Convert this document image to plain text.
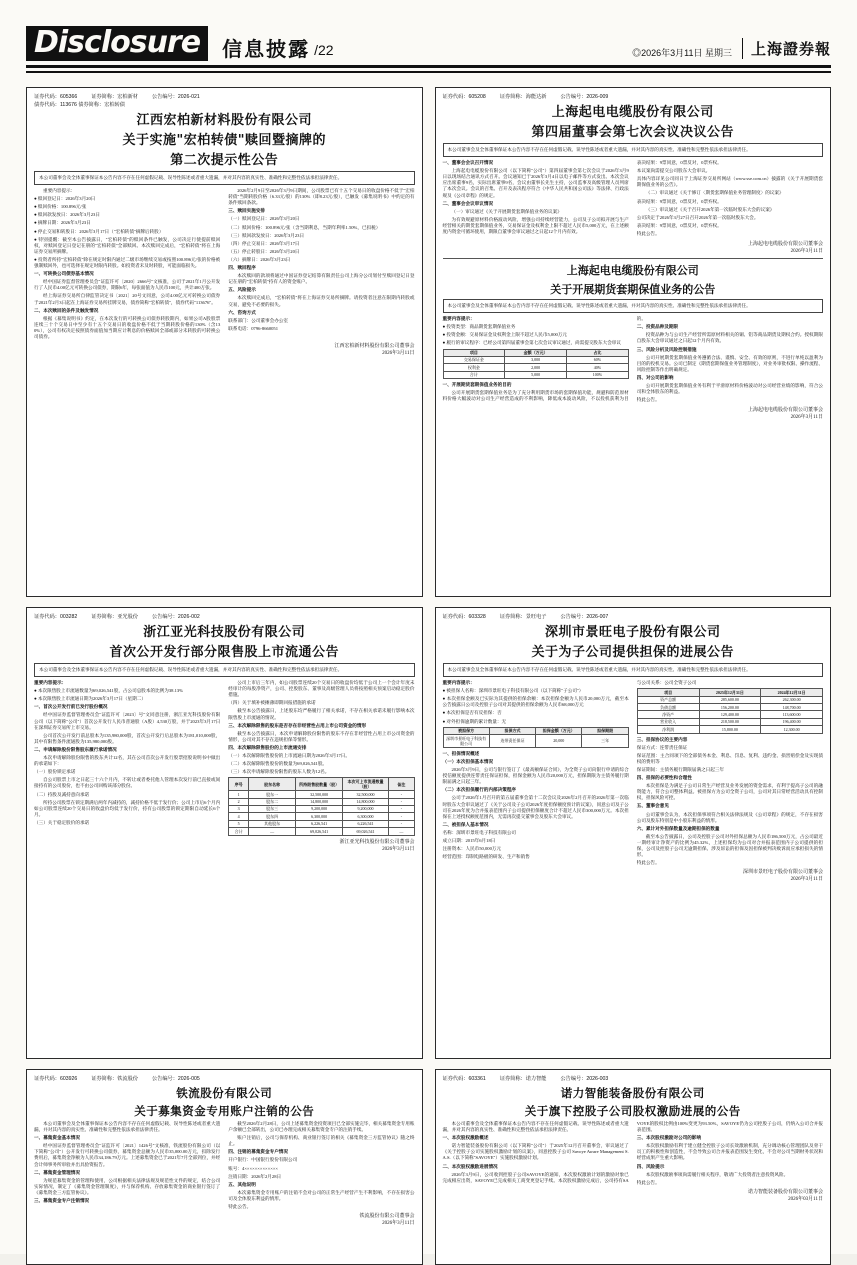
Disclosure	信息披露 /22	◎2026年3月11日 星期三	上海證券報
证券代码：605366	证券简称：宏柏新材	公告编号：2026-021
债券代码：113676 债券简称：宏柏转债
江西宏柏新材料股份有限公司
关于实施"宏柏转债"赎回暨摘牌的
第二次提示性公告
本公司董事会及全体董事保证本公告内容不存在任何虚假记载、误导性陈述或者重大遗漏，并对其内容的真实性、准确性和完整性依法承担法律责任。

重要内容提示：

● 赎回登记日：2026年3月20日

● 赎回价格：100.896元/张

● 赎回款发放日：2026年3月23日

● 摘牌日期：2026年3月23日

● 停止交易和转股日：2026年3月17日（"宏柏转债"摘牌后转股）

● 特别提醒：截至本公告披露日，"宏柏转债"的赎回条件已触发，公司决定行使提前赎回权，对赎回登记日登记在册的"宏柏转债"全部赎回。本次赎回完成后，"宏柏转债"将在上海证券交易所摘牌。

● 投资者所持"宏柏转债"除在规定时限内通过二级市场继续交易或按照100.896元/张的价格被强制赎回外，也可选择在规定时限内转股。如投资者未及时转股，可能面临损失。

一、可转换公司债券基本情况

经中国证券监督管理委员会"证监许可〔2020〕2666号"文核准，公司于2021年1月公开发行了人民币4.00亿元可转换公司债券，期限6年，每张面值为人民币100元，共计400万张。

经上海证券交易所自律监管决定书〔2021〕20号文同意，公司4.00亿元可转换公司债券于2021年2月3日起在上海证券交易所挂牌交易，债券简称"宏柏转债"，债券代码"113676"。

二、本次赎回的条件及触发情况

根据《募集说明书》约定，在本次发行的可转换公司债券转股期内，如果公司A股股票连续三十个交易日中至少有十五个交易日的收盘价格不低于当期转股价格的130%（含130%），公司有权决定按照债券面值加当期应计利息的价格赎回全部或部分未转股的可转换公司债券。

2026年2月9日至2026年3月9日期间，公司股票已有十五个交易日的收盘价格不低于"宏柏转债"当期转股价格（6.33元/股）的130%（即8.23元/股），已触发《募集说明书》中约定的有条件赎回条款。

三、赎回实施安排

（一）赎回登记日：2026年3月20日

（二）赎回价格：100.896元/张（含当期利息，当期年利率1.50%，已扣税）

（三）赎回款发放日：2026年3月23日

（四）停止交易日：2026年3月17日

（五）停止转股日：2026年3月20日

（六）摘牌日：2026年3月23日

四、赎回程序

本次赎回的款项将通过中国证券登记结算有限责任公司上海分公司划付至赎回登记日登记在册的"宏柏转债"持有人的资金账户。

五、风险提示

本次赎回完成后，"宏柏转债"将在上海证券交易所摘牌。请投资者注意在限期内转股或交易，避免不必要的损失。

六、咨询方式

联系部门：公司董事会办公室

联系电话：0796-8660051

江西宏柏新材料股份有限公司董事会
2026年3月11日
证券代码：605208	证券简称：海能达新	公告编号：2026-009
上海起电电缆股份有限公司
第四届董事会第七次会议决议公告
本公司董事会及全体董事保证本公告内容不存在任何虚假记载、误导性陈述或者重大遗漏，并对其内容的真实性、准确性和完整性依法承担法律责任。

一、董事会会议召开情况

上海起电电缆股份有限公司（以下简称"公司"）第四届董事会第七次会议于2026年3月9日以现场结合通讯方式召开。会议通知已于2026年3月4日以电子邮件等方式发出。本次会议应出席董事9名，实际出席董事9名，会议由董事长先生主持，公司监事及高级管理人员列席了本次会议。会议的召集、召开及表决程序符合《中华人民共和国公司法》等法律、行政法规及《公司章程》的规定。

二、董事会会议审议情况

（一）审议通过《关于开展期货套期保值业务的议案》

为有效规避原材料价格波动风险，增强公司持续经营能力，公司及子公司拟开展与生产经营相关的期货套期保值业务，交易保证金及权利金上限不超过人民币5,000万元，在上述额度内资金可循环使用，期限自董事会审议通过之日起12个月内有效。

表决结果：9票同意，0票反对，0票弃权。

本议案尚需提交公司股东大会审议。

具体内容详见公司同日于上海证券交易所网站（www.sse.com.cn）披露的《关于开展期货套期保值业务的公告》。

（二）审议通过《关于修订〈期货套期保值业务管理制度〉的议案》

表决结果：9票同意，0票反对，0票弃权。

（三）审议通过《关于召开2026年第一次临时股东大会的议案》

公司决定于2026年3月27日召开2026年第一次临时股东大会。

表决结果：9票同意，0票反对，0票弃权。

特此公告。

上海起电电缆股份有限公司董事会
2026年3月11日
上海起电电缆股份有限公司
关于开展期货套期保值业务的公告
本公司董事会及全体董事保证本公告内容不存在任何虚假记载、误导性陈述或者重大遗漏，并对其内容的真实性、准确性和完整性依法承担法律责任。

重要内容提示：

● 投资类型：商品期货套期保值业务

● 投资金额：交易保证金及权利金上限不超过人民币5,000万元

● 履行的审议程序：已经公司第四届董事会第七次会议审议通过，尚需提交股东大会审议

项目	金额（万元）	占比
交易保证金	3,000	60%
权利金	2,000	40%
合计	5,000	100%

一、开展期货套期保值业务的目的

公司开展期货套期保值业务是为了充分利用期货市场的套期保值功能，规避和防范原材料价格大幅波动对公司生产经营造成的不利影响，降低成本波动风险，不以投机获利为目的。

二、投资品种及期限

投资品种为与公司生产经营所需原材料相关的铜、铝等商品期货及期权合约。授权期限自股东大会审议通过之日起12个月内有效。

三、风险分析及风险控制措施

公司开展期货套期保值业务遵循合法、谨慎、安全、有效的原则，不进行单纯以盈利为目的的投机交易。公司已制定《期货套期保值业务管理制度》，对业务审批权限、操作流程、风险控制等作出明确规定。

四、对公司的影响

公司开展期货套期保值业务有利于平滑原材料价格波动对公司经营业绩的影响，符合公司和全体股东的利益。

特此公告。

上海起电电缆股份有限公司董事会
2026年3月11日
证券代码：003282	证券简称：亚光股份	公告编号：2026-002
浙江亚光科技股份有限公司
首次公开发行部分限售股上市流通公告
本公司董事会及全体董事保证本公告内容不存在任何虚假记载、误导性陈述或者重大遗漏，并对其内容的真实性、准确性和完整性依法承担法律责任。

重要内容提示：

● 本次限售股上市流通数量为69,026,541股，占公司总股本的比例为38.13%

● 本次限售股上市流通日期为2026年3月17日（星期二）

一、首次公开发行前已发行股份概况

经中国证券监督管理委员会"证监许可〔2023〕号"文同意注册，浙江亚光科技股份有限公司（以下简称"公司"）首次公开发行人民币普通股（A股）4,530万股，并于2023年3月17日在深圳证券交易所上市交易。

公司首次公开发行前总股本为135,980,000股，首次公开发行后总股本为181,010,000股，其中有限售条件流通股为135,980,000股。

二、申请解除股份限售股东履行承诺情况

本次申请解除股份限售的股东共计12名，其在公司首次公开发行股票招股说明书中做出的承诺如下：

（一）股份锁定承诺

自公司股票上市之日起三十六个月内，不转让或者委托他人管理本次发行前已直接或间接持有的公司股份，也不由公司回购该部分股份。

（二）持股及减持意向承诺

所持公司股票在锁定期满后两年内减持的，减持价格不低于发行价；公司上市后6个月内如公司股票连续20个交易日的收盘价均低于发行价，持有公司股票的锁定期限自动延长6个月。

（三）关于稳定股价的承诺

公司上市后三年内，如公司股票连续20个交易日的收盘价均低于公司上一个会计年度末经审计的每股净资产，公司、控股股东、董事及高级管理人员将按照相关预案启动稳定股价措施。

（四）关于填补被摊薄即期回报措施的承诺

截至本公告披露日，上述股东均严格履行了相关承诺，不存在相关承诺未履行影响本次限售股上市流通的情况。

三、本次解除限售的股东是否存在非经营性占用上市公司资金的情形

截至本公告披露日，本次申请解除股份限售的股东不存在非经营性占用上市公司资金的情形，公司对其不存在违规担保等情形。

四、本次解除限售股份的上市流通安排

（一）本次解除限售股份的上市流通日期为2026年3月17日。

（二）本次解除限售股份的数量为69,026,541股。

（三）本次申请解除股份限售的股东人数为12名。

序号	股东名称	所持限售股数量（股）	本次可上市流通数量（股）	备注
1	股东一	32,500,000	32,500,000	-
2	股东二	14,800,000	14,800,000	-
3	股东三	9,200,000	9,200,000	-
4	股东四	6,300,000	6,300,000	-
5	其他股东	6,226,541	6,226,541	-
合计	—	69,026,541	69,026,541	—
浙江亚光科技股份有限公司董事会
2026年3月11日
证券代码：603328	证券简称：景旺电子	公告编号：2026-007
深圳市景旺电子股份有限公司
关于为子公司提供担保的进展公告
本公司董事会及全体董事保证本公告内容不存在任何虚假记载、误导性陈述或者重大遗漏，并对其内容的真实性、准确性和完整性依法承担法律责任。

重要内容提示：

● 被担保人名称：深圳市景旺电子科技有限公司（以下简称"子公司"）

● 本次担保金额及已实际为其提供的担保余额：本次担保金额为人民币20,000万元，截至本公告披露日公司及控股子公司对其提供的担保余额为人民币68,000万元

● 本次担保是否有反担保：否

● 对外担保逾期的累计数量：无

被担保方	担保方式	担保金额（万元）	担保期限
深圳市景旺电子科技有限公司	连带责任保证	20,000	三年

一、担保情况概述

（一）本次担保基本情况

2026年3月9日，公司与银行签订了《最高额保证合同》，为全资子公司向银行申请的综合授信额度提供连带责任保证担保，担保金额为人民币20,000万元，担保期限为主债务履行期限届满之日起三年。

（二）本次担保履行的内部决策程序

公司于2026年1月召开的第五届董事会第十二次会议及2026年2月召开的2026年第一次临时股东大会审议通过了《关于公司及子公司2026年度担保额度预计的议案》，同意公司及子公司在2026年度为合并报表范围内子公司提供担保额度合计不超过人民币300,000万元。本次担保在上述授权额度范围内，无需再次提交董事会及股东大会审议。

二、被担保人基本情况

名称：深圳市景旺电子科技有限公司

成立日期：2015年6月18日

注册资本：人民币50,000万元

经营范围：印制电路板的研发、生产和销售

与公司关系：公司全资子公司

项目	2025年12月31日	2024年12月31日
资产总额	285,600.00	262,300.00
负债总额	156,200.00	148,700.00
净资产	129,400.00	113,600.00
营业收入	218,500.00	196,400.00
净利润	15,800.00	12,300.00

三、担保协议的主要内容

保证方式：连带责任保证

保证范围：主合同项下的全部债务本金、利息、罚息、复利、违约金、损害赔偿金及实现债权的费用等

保证期间：主债务履行期限届满之日起三年

四、担保的必要性和合理性

本次担保是为满足子公司日常生产经营及业务发展的资金需求，有利于提高子公司的融资能力，符合公司整体利益。被担保方为公司全资子公司，公司对其日常经营活动具有控制权，担保风险可控。

五、董事会意见

公司董事会认为，本次担保事项符合相关法律法规及《公司章程》的规定，不存在损害公司及股东特别是中小股东利益的情形。

六、累计对外担保数量及逾期担保的数量

截至本公告披露日，公司及控股子公司对外担保总额为人民币186,500万元，占公司最近一期经审计净资产的比例为45.32%，上述担保均为公司对合并报表范围内子公司提供的担保，公司及控股子公司无逾期担保、涉及诉讼的担保及因担保被判决败诉而应承担损失的情形。

特此公告。

深圳市景旺电子股份有限公司董事会
2026年3月11日
证券代码：603926	证券简称：铁流股份	公告编号：2026-005
铁流股份有限公司
关于募集资金专用账户注销的公告

本公司董事会及全体董事保证本公告内容不存在任何虚假记载、误导性陈述或者重大遗漏，并对其内容的真实性、准确性和完整性依法承担法律责任。

一、募集资金基本情况

经中国证券监督管理委员会"证监许可〔2021〕1426号"文核准，铁流股份有限公司（以下简称"公司"）公开发行可转换公司债券，募集资金总额为人民币35,000.00万元，扣除发行费用后，募集资金净额为人民币34,186.79万元。上述募集资金已于2021年7月全部到位，并经会计师事务所审验并出具验资报告。

二、募集资金管理情况

为规范募集资金的管理和使用，公司根据相关法律法规及规范性文件的规定，结合公司实际情况，制定了《募集资金管理制度》，并与保荐机构、存放募集资金的商业银行签订了《募集资金三方监管协议》。

三、募集资金专户注销情况

截至2026年2月28日，公司上述募集资金投资项目已全部实施完毕，相关募集资金专用账户余额已全部转出，公司已办理完成相关募集资金专户的注销手续。

账户注销后，公司与保荐机构、商业银行签订的相关《募集资金三方监管协议》随之终止。

四、注销的募集资金专户情况

开户银行：中国银行股份有限公司

账号：4×××××××××××××

注销日期：2026年2月28日

五、其他说明

本次募集资金专用账户的注销不会对公司的正常生产经营产生不利影响，不存在损害公司及全体股东利益的情形。

特此公告。

铁流股份有限公司董事会
2026年3月11日
证券代码：603361	证券简称：诺力智能	公告编号：2026-003
诺力智能装备股份有限公司
关于旗下控股子公司股权激励进展的公告

本公司董事会及全体董事保证本公告内容不存在任何虚假记载、误导性陈述或者重大遗漏，并对其内容的真实性、准确性和完整性依法承担法律责任。

一、本次股权激励概述

诺力智能装备股份有限公司（以下简称"公司"）于2025年12月召开董事会，审议通过了《关于控股子公司实施股权激励计划的议案》，同意控股子公司 Savoye Aware Management S.A.S.（以下简称"SAVOYE"）实施股权激励计划。

二、本次股权激励进展情况

2026年3月9日，公司收到控股子公司SAVOYE的通知，本次股权激励计划的激励对象已完成相应出资，SAVOYE已完成相关工商变更登记手续。本次股权激励完成后，公司持有SAVOYE的股权比例由100%变更为93.50%，SAVOYE仍为公司控股子公司，仍纳入公司合并报表范围。

三、本次股权激励对公司的影响

本次股权激励有利于建立健全控股子公司长效激励机制，充分调动核心管理团队及骨干员工的积极性和创造性，不会导致公司合并报表范围发生变化，不会对公司当期财务状况和经营成果产生重大影响。

四、风险提示

本次股权激励事项尚需履行相关程序，敬请广大投资者注意投资风险。

特此公告。

诺力智能装备股份有限公司董事会
2026年03月11日
